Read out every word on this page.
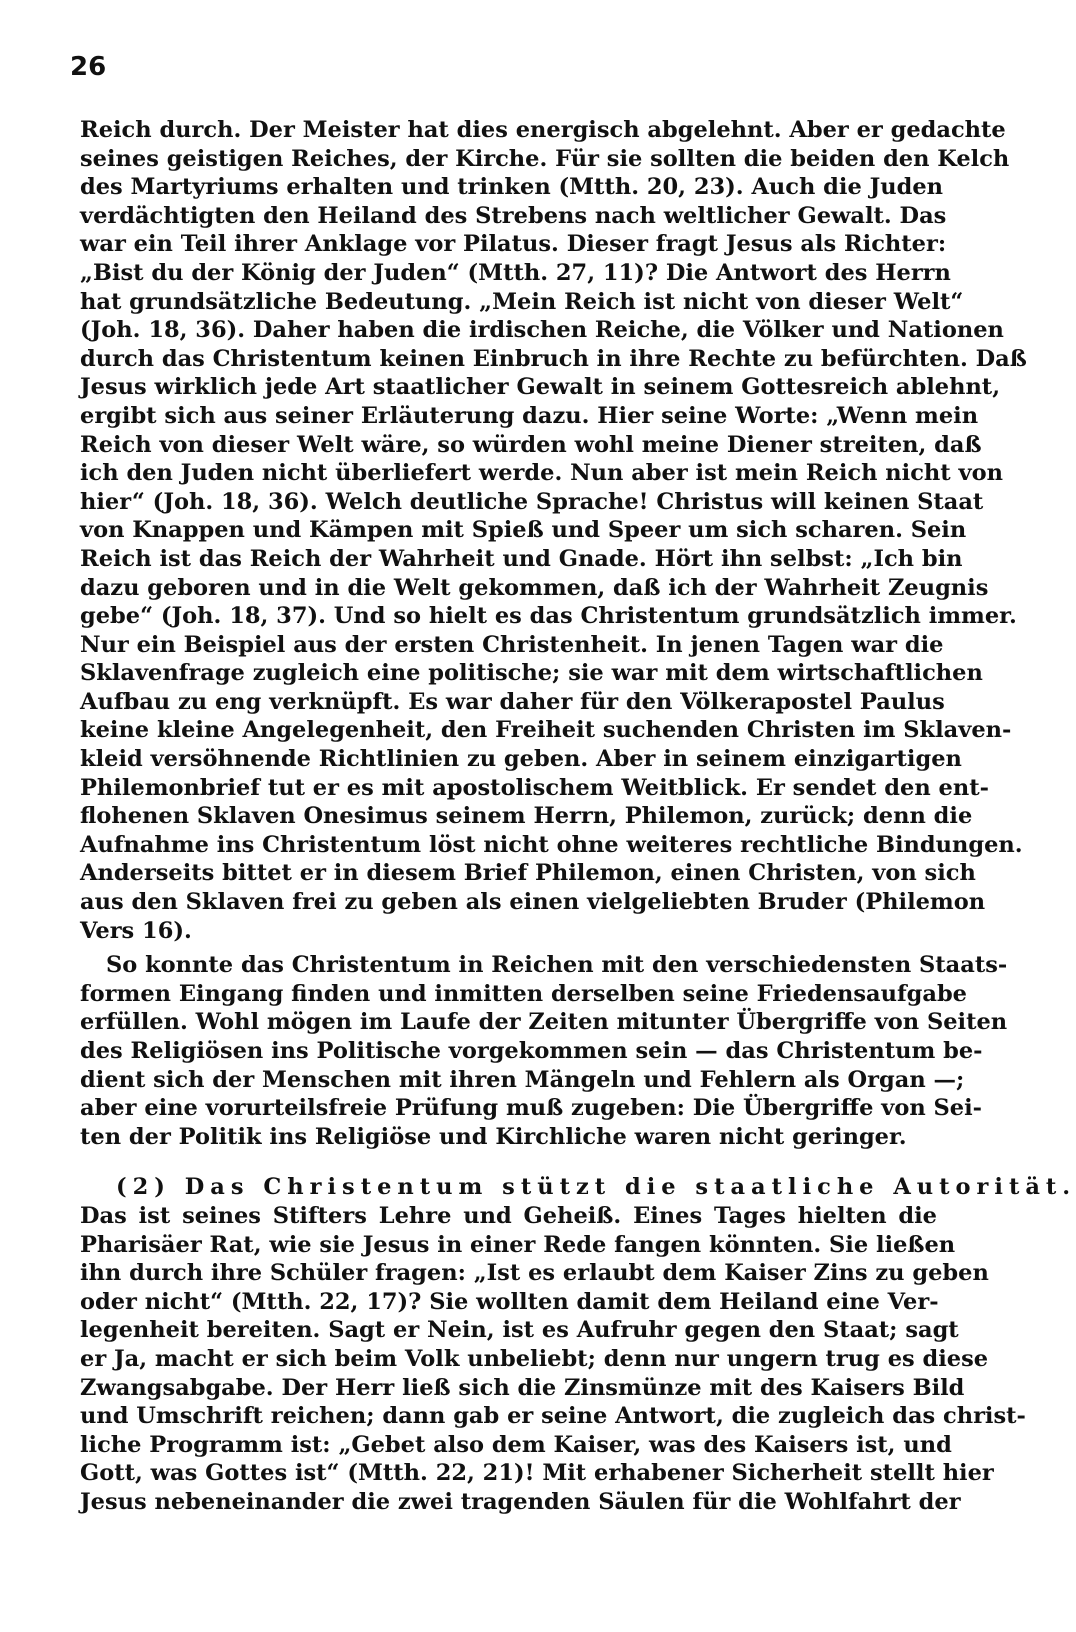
26
Reich durch. Der Meister hat dies energisch abgelehnt. Aber er gedachte
seines geistigen Reiches, der Kirche. Für sie sollten die beiden den Kelch
des Martyriums erhalten und trinken (Mtth. 20, 23). Auch die Juden
verdächtigten den Heiland des Strebens nach weltlicher Gewalt. Das
war ein Teil ihrer Anklage vor Pilatus. Dieser fragt Jesus als Richter:
„Bist du der König der Juden“ (Mtth. 27, 11)? Die Antwort des Herrn
hat grundsätzliche Bedeutung. „Mein Reich ist nicht von dieser Welt“
(Joh. 18, 36). Daher haben die irdischen Reiche, die Völker und Nationen
durch das Christentum keinen Einbruch in ihre Rechte zu befürchten. Daß
Jesus wirklich jede Art staatlicher Gewalt in seinem Gottesreich ablehnt,
ergibt sich aus seiner Erläuterung dazu. Hier seine Worte: „Wenn mein
Reich von dieser Welt wäre, so würden wohl meine Diener streiten, daß
ich den Juden nicht überliefert werde. Nun aber ist mein Reich nicht von
hier“ (Joh. 18, 36). Welch deutliche Sprache! Christus will keinen Staat
von Knappen und Kämpen mit Spieß und Speer um sich scharen. Sein
Reich ist das Reich der Wahrheit und Gnade. Hört ihn selbst: „Ich bin
dazu geboren und in die Welt gekommen, daß ich der Wahrheit Zeugnis
gebe“ (Joh. 18, 37). Und so hielt es das Christentum grundsätzlich immer.
Nur ein Beispiel aus der ersten Christenheit. In jenen Tagen war die
Sklavenfrage zugleich eine politische; sie war mit dem wirtschaftlichen
Aufbau zu eng verknüpft. Es war daher für den Völkerapostel Paulus
keine kleine Angelegenheit, den Freiheit suchenden Christen im Sklaven-
kleid versöhnende Richtlinien zu geben. Aber in seinem einzigartigen
Philemonbrief tut er es mit apostolischem Weitblick. Er sendet den ent-
flohenen Sklaven Onesimus seinem Herrn, Philemon, zurück; denn die
Aufnahme ins Christentum löst nicht ohne weiteres rechtliche Bindungen.
Anderseits bittet er in diesem Brief Philemon, einen Christen, von sich
aus den Sklaven frei zu geben als einen vielgeliebten Bruder (Philemon
Vers 16).
So konnte das Christentum in Reichen mit den verschiedensten Staats-
formen Eingang finden und inmitten derselben seine Friedensaufgabe
erfüllen. Wohl mögen im Laufe der Zeiten mitunter Übergriffe von Seiten
des Religiösen ins Politische vorgekommen sein — das Christentum be-
dient sich der Menschen mit ihren Mängeln und Fehlern als Organ —;
aber eine vorurteilsfreie Prüfung muß zugeben: Die Übergriffe von Sei-
ten der Politik ins Religiöse und Kirchliche waren nicht geringer.
(2) Das Christentum stützt die staatliche Autorität.
Das ist seines Stifters Lehre und Geheiß. Eines Tages hielten die
Pharisäer Rat, wie sie Jesus in einer Rede fangen könnten. Sie ließen
ihn durch ihre Schüler fragen: „Ist es erlaubt dem Kaiser Zins zu geben
oder nicht“ (Mtth. 22, 17)? Sie wollten damit dem Heiland eine Ver-
legenheit bereiten. Sagt er Nein, ist es Aufruhr gegen den Staat; sagt
er Ja, macht er sich beim Volk unbeliebt; denn nur ungern trug es diese
Zwangsabgabe. Der Herr ließ sich die Zinsmünze mit des Kaisers Bild
und Umschrift reichen; dann gab er seine Antwort, die zugleich das christ-
liche Programm ist: „Gebet also dem Kaiser, was des Kaisers ist, und
Gott, was Gottes ist“ (Mtth. 22, 21)! Mit erhabener Sicherheit stellt hier
Jesus nebeneinander die zwei tragenden Säulen für die Wohlfahrt der
